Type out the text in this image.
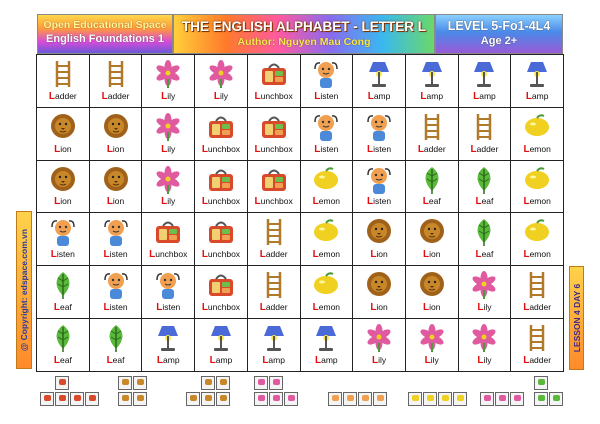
Open Educational Space
English Foundations 1
THE ENGLISH ALPHABET - LETTER L
Author: Nguyen Mau Cong
LEVEL 5-Fo1-4L4
Age 2+
@ Copyright: edspace.com.vn	LESSON 4 DAY 6
Ladder	Ladder	Lily	Lily	Lunchbox	Listen	Lamp	Lamp	Lamp	Lamp
Lion	Lion	Lily	Lunchbox	Lunchbox	Listen	Listen	Ladder	Ladder	Lemon
Lion	Lion	Lily	Lunchbox	Lunchbox	Lemon	Listen	Leaf	Leaf	Lemon
Listen	Listen	Lunchbox	Lunchbox	Ladder	Lemon	Lion	Lion	Leaf	Lemon
Leaf	Listen	Listen	Lunchbox	Ladder	Lemon	Lion	Lion	Lily	Ladder
Leaf	Leaf	Lamp	Lamp	Lamp	Lamp	Lily	Lily	Lily	Ladder
